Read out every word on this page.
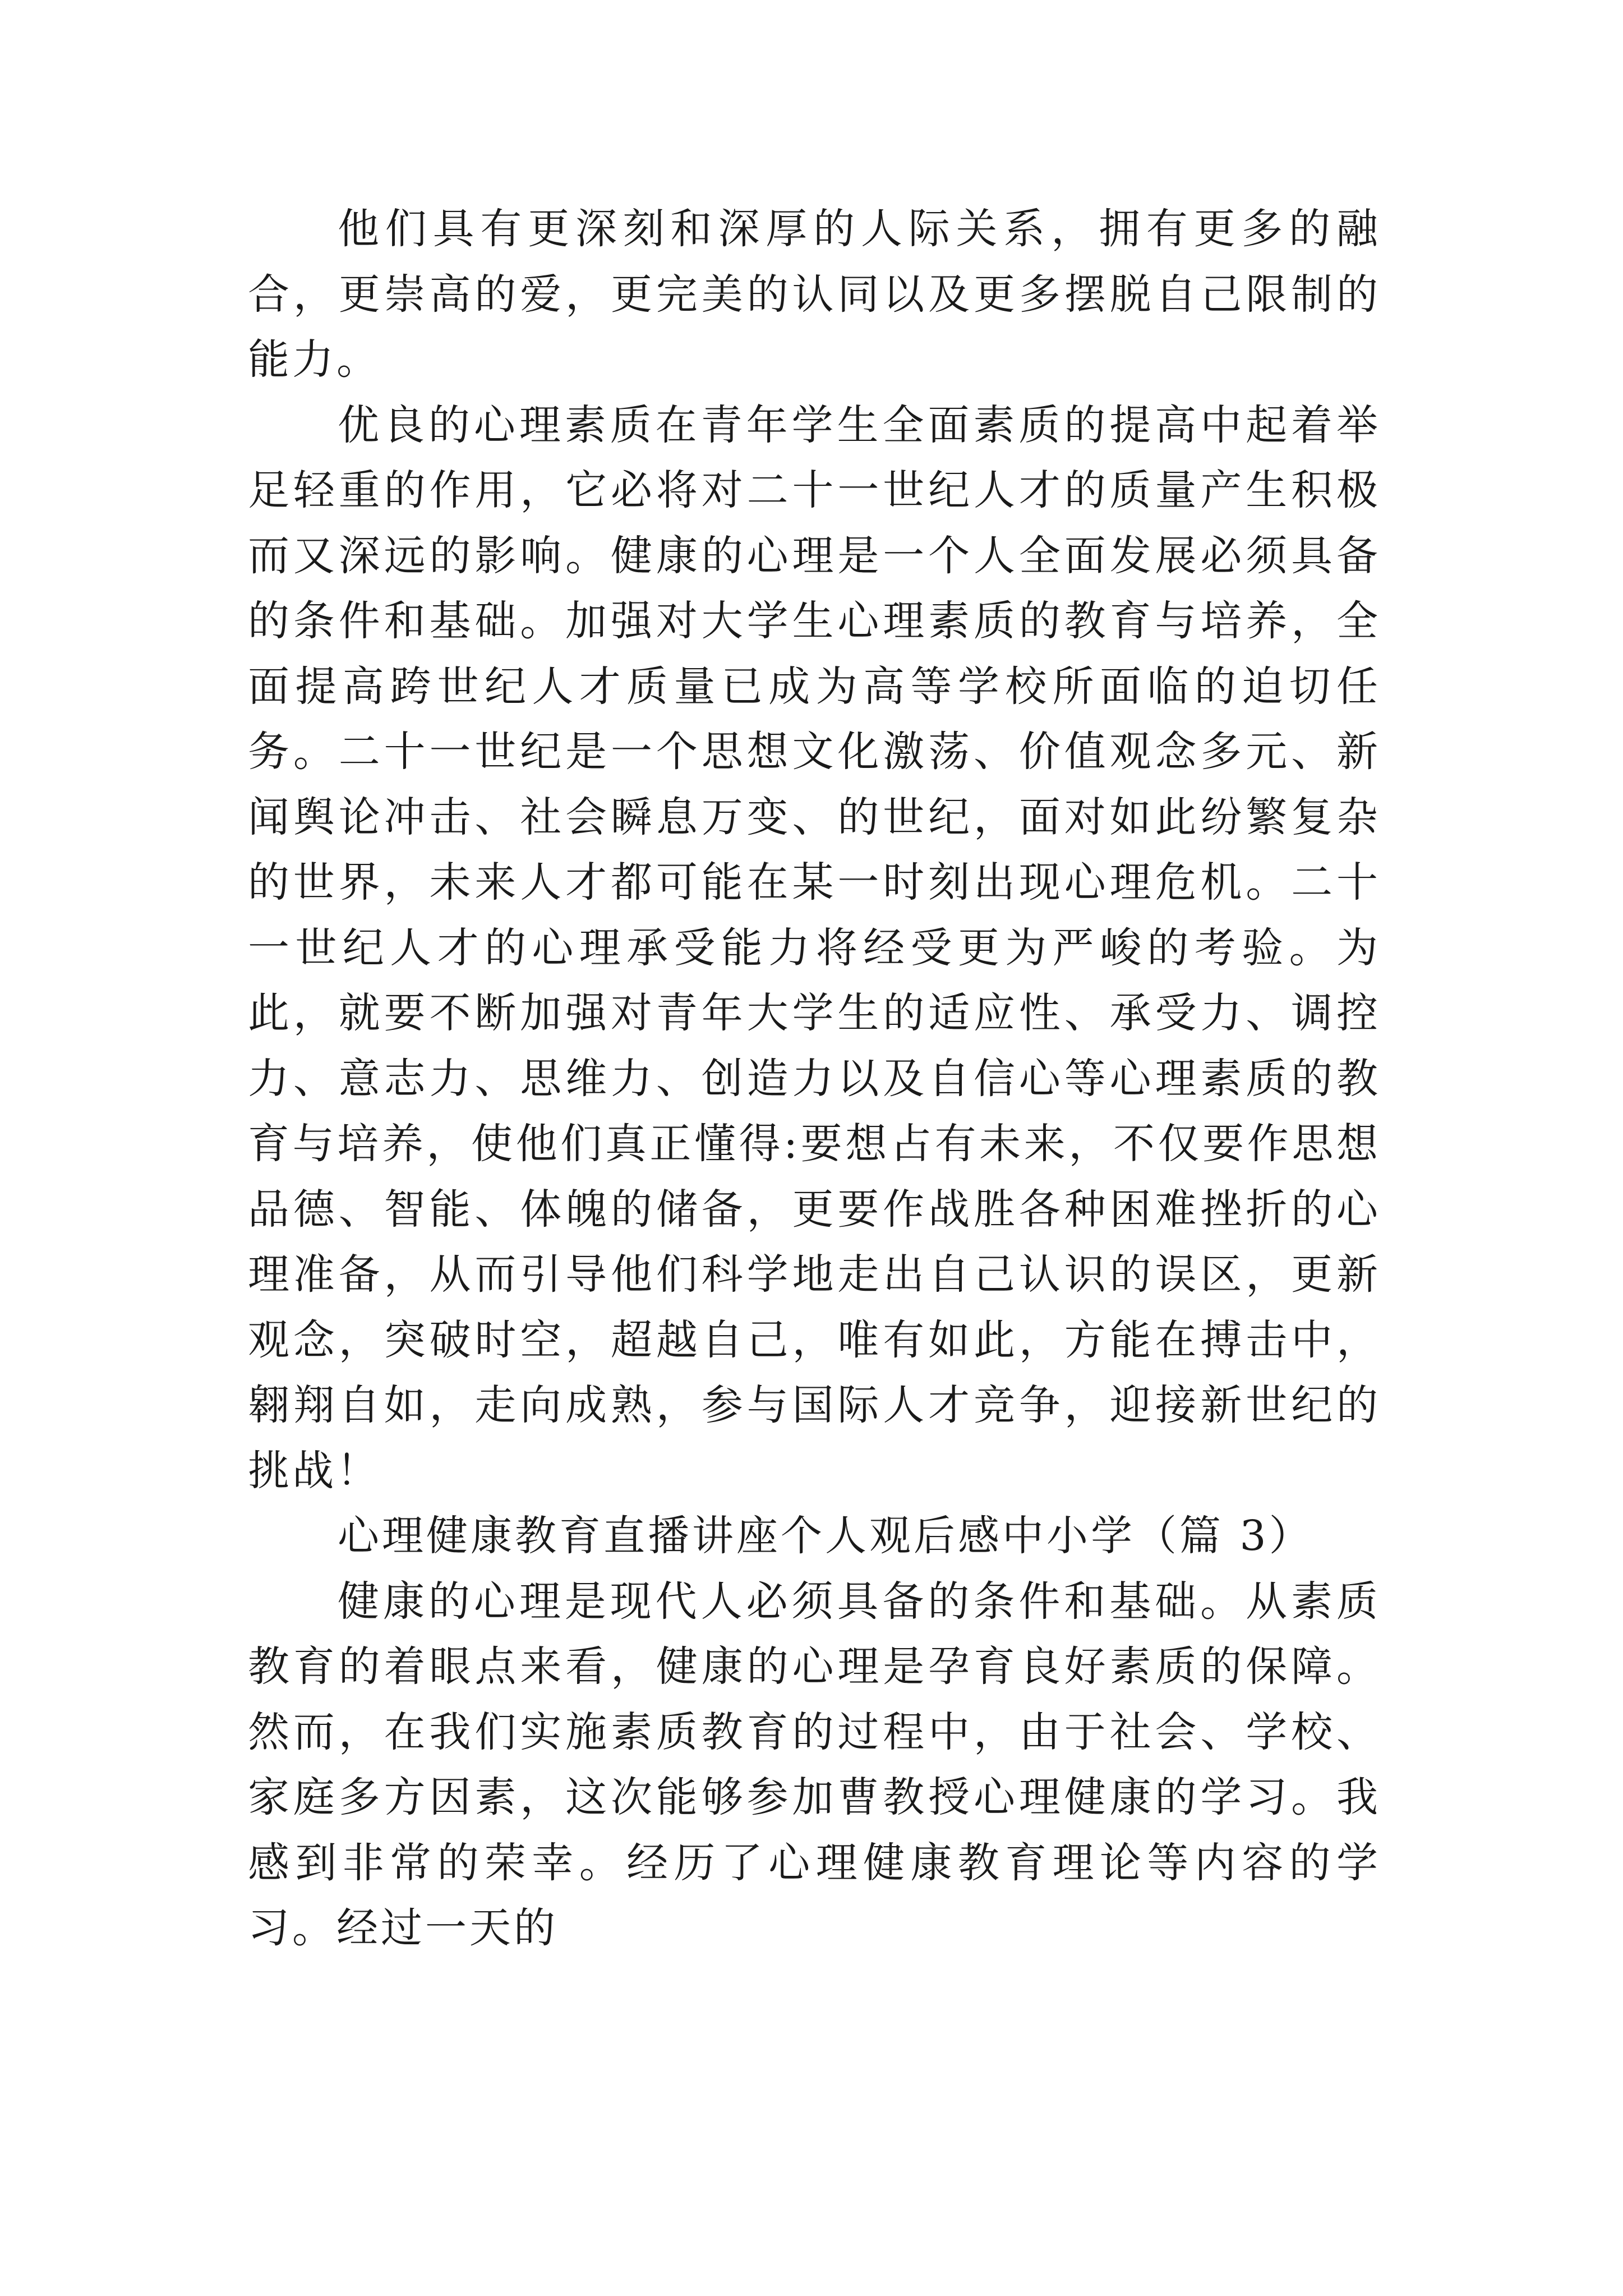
他们具有更深刻和深厚的人际关系，拥有更多的融合，更崇高的爱，更完美的认同以及更多摆脱自己限制的能力。

优良的心理素质在青年学生全面素质的提高中起着举足轻重的作用，它必将对二十一世纪人才的质量产生积极而又深远的影响。健康的心理是一个人全面发展必须具备的条件和基础。加强对大学生心理素质的教育与培养，全面提高跨世纪人才质量已成为高等学校所面临的迫切任务。二十一世纪是一个思想文化激荡、价值观念多元、新闻舆论冲击、社会瞬息万变、的世纪，面对如此纷繁复杂的世界，未来人才都可能在某一时刻出现心理危机。二十一世纪人才的心理承受能力将经受更为严峻的考验。为此，就要不断加强对青年大学生的适应性、承受力、调控力、意志力、思维力、创造力以及自信心等心理素质的教育与培养，使他们真正懂得:要想占有未来，不仅要作思想品德、智能、体魄的储备，更要作战胜各种困难挫折的心理准备，从而引导他们科学地走出自己认识的误区，更新观念，突破时空，超越自己，唯有如此，方能在搏击中，翱翔自如，走向成熟，参与国际人才竞争，迎接新世纪的挑战！

心理健康教育直播讲座个人观后感中小学（篇 3）

健康的心理是现代人必须具备的条件和基础。从素质教育的着眼点来看，健康的心理是孕育良好素质的保障。然而，在我们实施素质教育的过程中，由于社会、学校、家庭多方因素，这次能够参加曹教授心理健康的学习。我感到非常的荣幸。经历了心理健康教育理论等内容的学习。经过一天的
